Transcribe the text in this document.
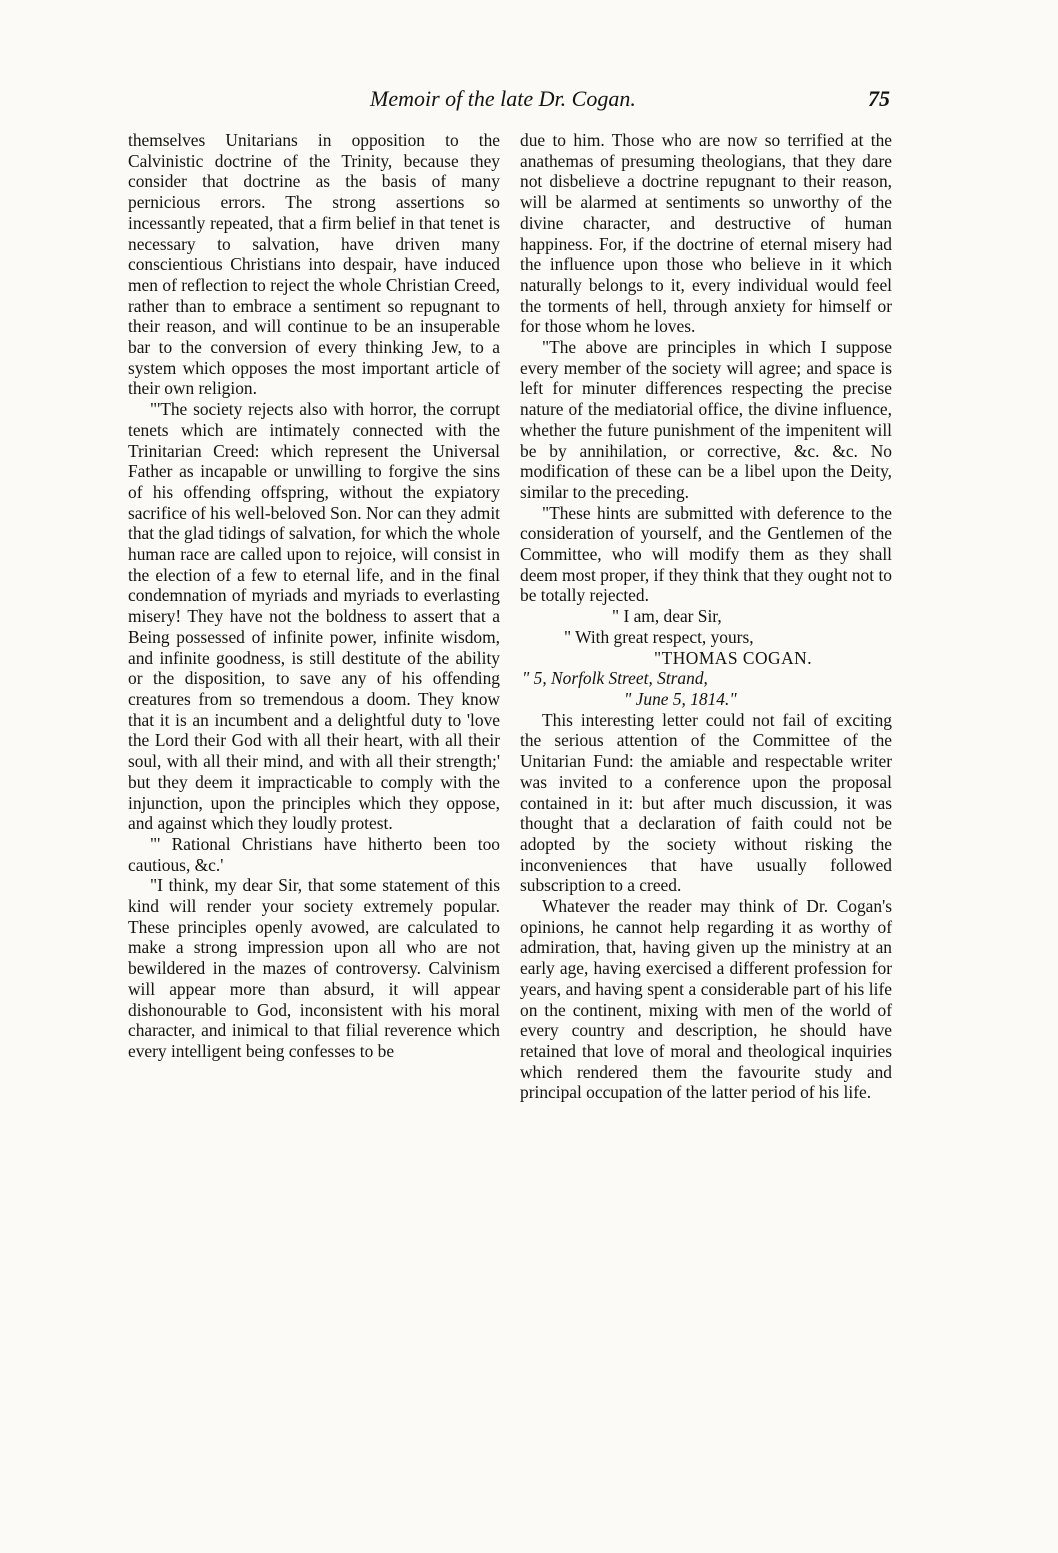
Memoir of the late Dr. Cogan.	75

themselves Unitarians in opposition to the Calvinistic doctrine of the Trinity, because they consider that doctrine as the basis of many pernicious errors. The strong assertions so incessantly repeated, that a firm belief in that tenet is necessary to salvation, have driven many conscientious Christians into despair, have induced men of reflection to reject the whole Christian Creed, rather than to embrace a sentiment so repugnant to their reason, and will continue to be an insuperable bar to the conversion of every thinking Jew, to a system which opposes the most important article of their own religion.

"'The society rejects also with horror, the corrupt tenets which are intimately connected with the Trinitarian Creed: which represent the Universal Father as incapable or unwilling to forgive the sins of his offending offspring, without the expiatory sacrifice of his well-beloved Son. Nor can they admit that the glad tidings of salvation, for which the whole human race are called upon to rejoice, will consist in the election of a few to eternal life, and in the final condemnation of myriads and myriads to everlasting misery! They have not the boldness to assert that a Being possessed of infinite power, infinite wisdom, and infinite goodness, is still destitute of the ability or the disposition, to save any of his offending creatures from so tremendous a doom. They know that it is an incumbent and a delightful duty to 'love the Lord their God with all their heart, with all their soul, with all their mind, and with all their strength;' but they deem it impracticable to comply with the injunction, upon the principles which they oppose, and against which they loudly protest.

"' Rational Christians have hitherto been too cautious, &c.'

"I think, my dear Sir, that some statement of this kind will render your society extremely popular. These principles openly avowed, are calculated to make a strong impression upon all who are not bewildered in the mazes of controversy. Calvinism will appear more than absurd, it will appear dishonourable to God, inconsistent with his moral character, and inimical to that filial reverence which every intelligent being confesses to be

due to him. Those who are now so terrified at the anathemas of presuming theologians, that they dare not disbelieve a doctrine repugnant to their reason, will be alarmed at sentiments so unworthy of the divine character, and destructive of human happiness. For, if the doctrine of eternal misery had the influence upon those who believe in it which naturally belongs to it, every individual would feel the torments of hell, through anxiety for himself or for those whom he loves.

"The above are principles in which I suppose every member of the society will agree; and space is left for minuter differences respecting the precise nature of the mediatorial office, the divine influence, whether the future punishment of the impenitent will be by annihilation, or corrective, &c. &c. No modification of these can be a libel upon the Deity, similar to the preceding.

"These hints are submitted with deference to the consideration of yourself, and the Gentlemen of the Committee, who will modify them as they shall deem most proper, if they think that they ought not to be totally rejected.

" I am, dear Sir,

" With great respect, yours,

"THOMAS COGAN.

" 5, Norfolk Street, Strand,

" June 5, 1814."

This interesting letter could not fail of exciting the serious attention of the Committee of the Unitarian Fund: the amiable and respectable writer was invited to a conference upon the proposal contained in it: but after much discussion, it was thought that a declaration of faith could not be adopted by the society without risking the inconveniences that have usually followed subscription to a creed.

Whatever the reader may think of Dr. Cogan's opinions, he cannot help regarding it as worthy of admiration, that, having given up the ministry at an early age, having exercised a different profession for years, and having spent a considerable part of his life on the continent, mixing with men of the world of every country and description, he should have retained that love of moral and theological inquiries which rendered them the favourite study and principal occupation of the latter period of his life.
